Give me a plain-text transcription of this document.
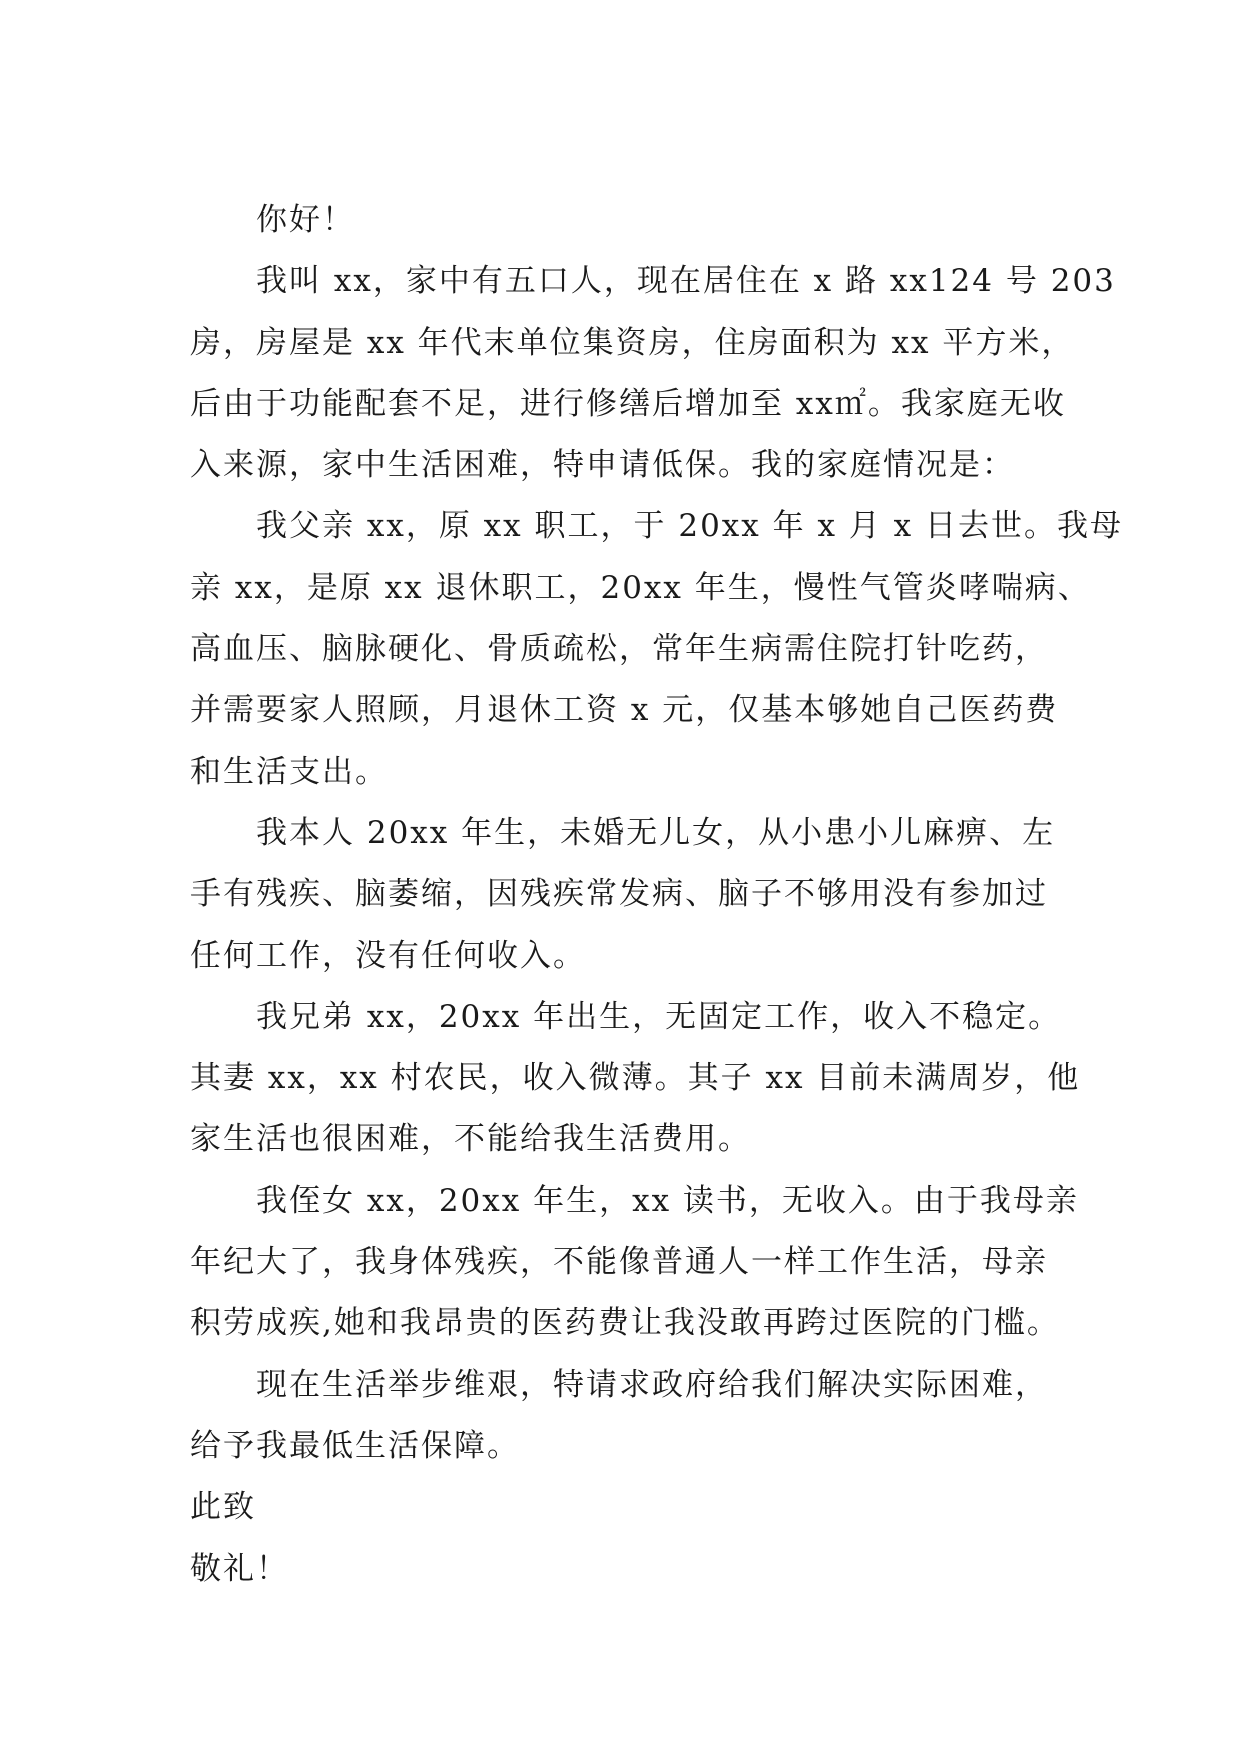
你好！
我叫 xx，家中有五口人，现在居住在 x 路 xx124 号 203
房，房屋是 xx 年代末单位集资房，住房面积为 xx 平方米，
后由于功能配套不足，进行修缮后增加至 xx㎡。我家庭无收
入来源，家中生活困难，特申请低保。我的家庭情况是：
我父亲 xx，原 xx 职工，于 20xx 年 x 月 x 日去世。我母
亲 xx，是原 xx 退休职工，20xx 年生，慢性气管炎哮喘病、
高血压、脑脉硬化、骨质疏松，常年生病需住院打针吃药，
并需要家人照顾，月退休工资 x 元，仅基本够她自己医药费
和生活支出。
我本人 20xx 年生，未婚无儿女，从小患小儿麻痹、左
手有残疾、脑萎缩，因残疾常发病、脑子不够用没有参加过
任何工作，没有任何收入。
我兄弟 xx，20xx 年出生，无固定工作，收入不稳定。
其妻 xx，xx 村农民，收入微薄。其子 xx 目前未满周岁，他
家生活也很困难，不能给我生活费用。
我侄女 xx，20xx 年生，xx 读书，无收入。由于我母亲
年纪大了，我身体残疾，不能像普通人一样工作生活，母亲
积劳成疾,她和我昂贵的医药费让我没敢再跨过医院的门槛。
现在生活举步维艰，特请求政府给我们解决实际困难，
给予我最低生活保障。
此致
敬礼！
